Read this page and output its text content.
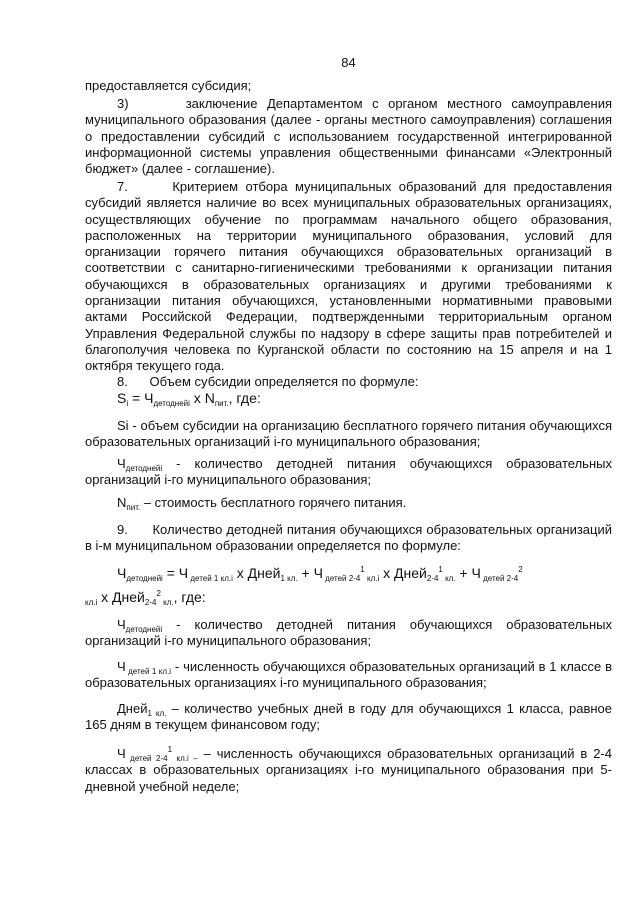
84

предоставляется субсидия;

3)	заключение Департаментом с органом местного самоуправления муниципального образования (далее - органы местного самоуправления) соглашения о предоставлении субсидий с использованием государственной интегрированной информационной системы управления общественными финансами «Электронный бюджет» (далее - соглашение).

7.	Критерием отбора муниципальных образований для предоставления субсидий является наличие во всех муниципальных образовательных организациях, осуществляющих обучение по программам начального общего образования, расположенных на территории муниципального образования, условий для организации горячего питания обучающихся образовательных организаций в соответствии с санитарно-гигиеническими требованиями к организации питания обучающихся в образовательных организациях и другими требованиями к организации питания обучающихся, установленными нормативными правовыми актами Российской Федерации, подтвержденными территориальным органом Управления Федеральной службы по надзору в сфере защиты прав потребителей и благополучия человека по Курганской области по состоянию на 15 апреля и на 1 октября текущего года.

8. Объем субсидии определяется по формуле:

$S_i = Ч_{детоднейi}$ x $N_{пит.}$, где:

Si - объем субсидии на организацию бесплатного горячего питания обучающихся образовательных организаций i-го муниципального образования;

$Ч_{детоднейi}$ - количество детодней питания обучающихся образовательных организаций i-го муниципального образования;

$N_{пит.}$ – стоимость бесплатного горячего питания.

9. Количество детодней питания обучающихся образовательных организаций в i-м муниципальном образовании определяется по формуле:

$Ч_{детоднейi} = Ч$ $_{детей 1 кл.i}$ x Дней$_{1 кл.}$ + Ч $_{детей 2-4}^1$ $_{кл.i}$ x Дней$_{2-4}^1$ $_{кл.}$ + Ч $_{детей 2-4}^2$
$_{кл.i}$ x Дней$_{2-4}^2$ $_{кл.}$, где:

$Ч_{детоднейi}$ - количество детодней питания обучающихся образовательных организаций i-го муниципального образования;

Ч $_{детей 1 кл.i}$ - численность обучающихся образовательных организаций в 1 классе в образовательных организациях i-го муниципального образования;

Дней$_{1 кл.}$ – количество учебных дней в году для обучающихся 1 класса, равное 165 дням в текущем финансовом году;

Ч $_{детей 2-4}^1$ $_{кл.i -}$ – численность обучающихся образовательных организаций в 2-4 классах в образовательных организациях i-го муниципального образования при 5-дневной учебной неделе;
